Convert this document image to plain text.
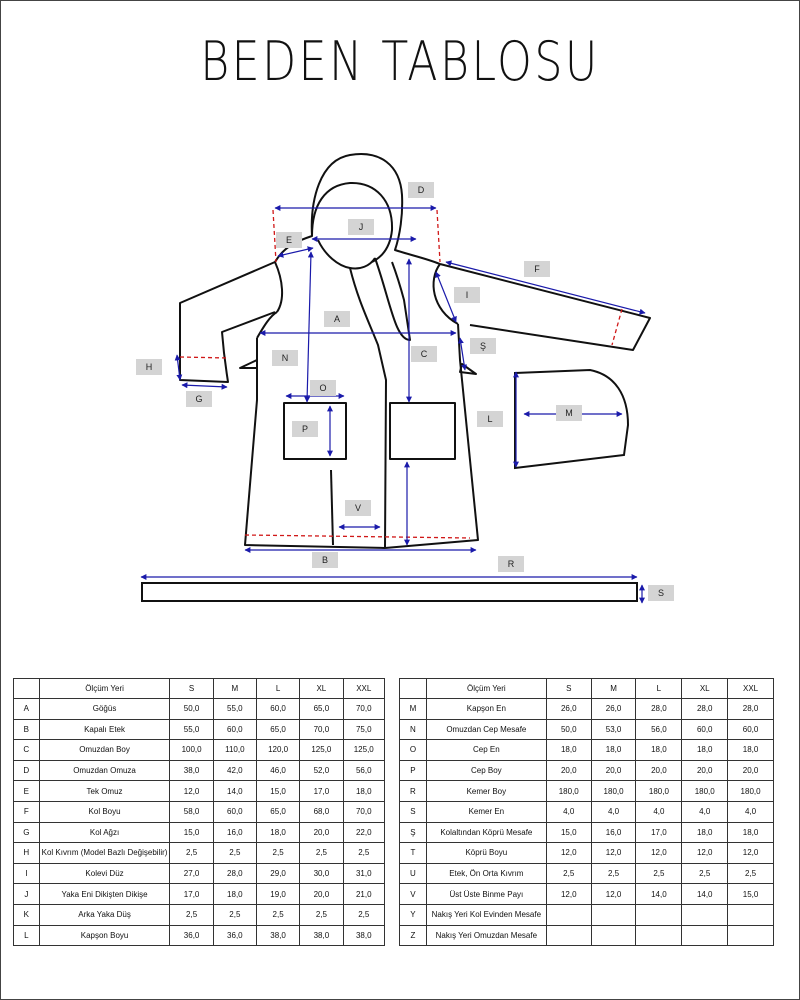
BEDEN TABLOSU
D
J
E
F
I
A
Ş
C
N
H
O
G
M
L
P
V
B	R
S
	Ölçüm Yeri	S	M	L	XL	XXL
A	Göğüs	50,0	55,0	60,0	65,0	70,0
B	Kapalı Etek	55,0	60,0	65,0	70,0	75,0
C	Omuzdan Boy	100,0	110,0	120,0	125,0	125,0
D	Omuzdan Omuza	38,0	42,0	46,0	52,0	56,0
E	Tek Omuz	12,0	14,0	15,0	17,0	18,0
F	Kol Boyu	58,0	60,0	65,0	68,0	70,0
G	Kol Ağzı	15,0	16,0	18,0	20,0	22,0
H	Kol Kıvrım (Model Bazlı Değişebilir)	2,5	2,5	2,5	2,5	2,5
I	Kolevi Düz	27,0	28,0	29,0	30,0	31,0
J	Yaka Eni Dikişten Dikişe	17,0	18,0	19,0	20,0	21,0
K	Arka Yaka Düş	2,5	2,5	2,5	2,5	2,5
L	Kapşon Boyu	36,0	36,0	38,0	38,0	38,0
	Ölçüm Yeri	S	M	L	XL	XXL
M	Kapşon En	26,0	26,0	28,0	28,0	28,0
N	Omuzdan Cep Mesafe	50,0	53,0	56,0	60,0	60,0
O	Cep En	18,0	18,0	18,0	18,0	18,0
P	Cep Boy	20,0	20,0	20,0	20,0	20,0
R	Kemer Boy	180,0	180,0	180,0	180,0	180,0
S	Kemer En	4,0	4,0	4,0	4,0	4,0
Ş	Kolaltından Köprü Mesafe	15,0	16,0	17,0	18,0	18,0
T	Köprü Boyu	12,0	12,0	12,0	12,0	12,0
U	Etek, Ön Orta Kıvrım	2,5	2,5	2,5	2,5	2,5
V	Üst Üste Binme Payı	12,0	12,0	14,0	14,0	15,0
Y	Nakış Yeri Kol Evinden Mesafe					
Z	Nakış Yeri Omuzdan Mesafe					
